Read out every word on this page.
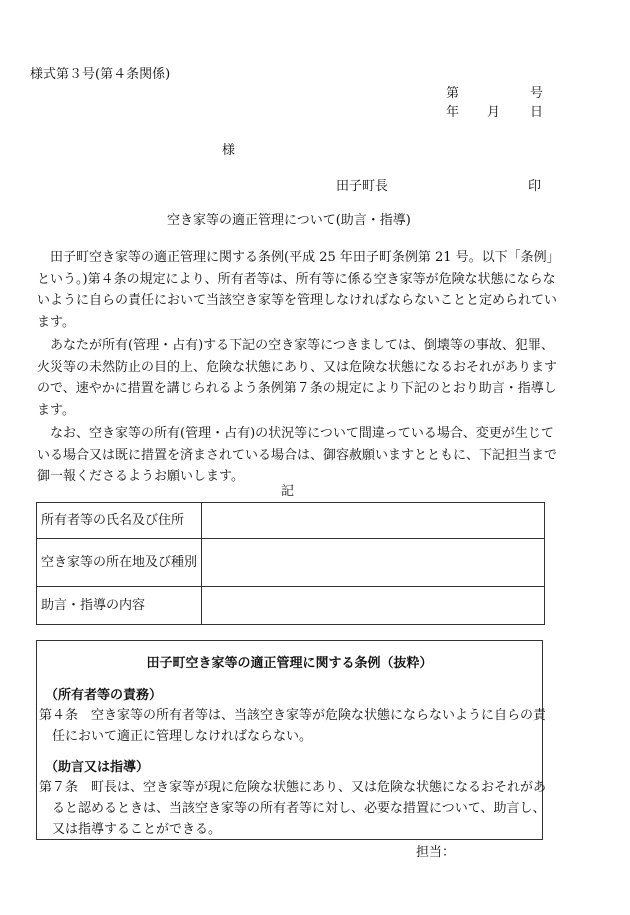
様式第３号(第４条関係)
第	号
年 月 日
様
田子町長	印
空き家等の適正管理について(助言・指導)
田子町空き家等の適正管理に関する条例(平成 25 年田子町条例第 21 号。以下「条例」という。)第４条の規定により、所有者等は、所有等に係る空き家等が危険な状態にならないように自らの責任において当該空き家等を管理しなければならないことと定められています。
あなたが所有(管理・占有)する下記の空き家等につきましては、倒壊等の事故、犯罪、火災等の未然防止の目的上、危険な状態にあり、又は危険な状態になるおそれがありますので、速やかに措置を講じられるよう条例第７条の規定により下記のとおり助言・指導します。
なお、空き家等の所有(管理・占有)の状況等について間違っている場合、変更が生じている場合又は既に措置を済まされている場合は、御容赦願いますとともに、下記担当まで御一報くださるようお願いします。
記
所有者等の氏名及び住所	
空き家等の所在地及び種別	
助言・指導の内容	
田子町空き家等の適正管理に関する条例（抜粋）
（所有者等の責務）
第４条　空き家等の所有者等は、当該空き家等が危険な状態にならないように自らの責任において適正に管理しなければならない。
（助言又は指導）
第７条　町長は、空き家等が現に危険な状態にあり、又は危険な状態になるおそれがあると認めるときは、当該空き家等の所有者等に対し、必要な措置について、助言し、又は指導することができる。
担当：
